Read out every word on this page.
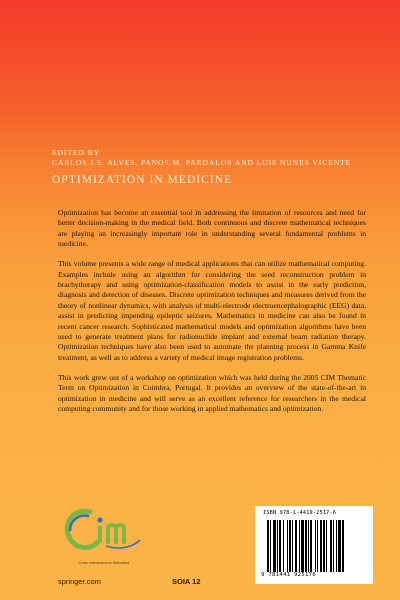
EDITED BY

CARLOS J.S. ALVES, PANOS M. PARDALOS AND LUIS NUNES VICENTE

OPTIMIZATION IN MEDICINE

Optimization has become an essential tool in addressing the limitation of resources and need for better decision-making in the medical field. Both continuous and discrete mathematical techniques are playing an increasingly important role in understanding several fundamental problems in medicine.

This volume presents a wide range of medical applications that can utilize mathematical computing. Examples include using an algorithm for considering the seed reconstruction problem in brachytherapy and using optimization-classification models to assist in the early prediction, diagnosis and detection of diseases. Discrete optimization techniques and measures derived from the theory of nonlinear dynamics, with analysis of multi-electrode electroencephalographic (EEG) data, assist in predicting impending epileptic seizures. Mathematics in medicine can also be found in recent cancer research. Sophisticated mathematical models and optimization algorithms have been used to generate treatment plans for radionuclide implant and external beam radiation therapy. Optimization techniques have also been used to automate the planning process in Gamma Knife treatment, as well as to address a variety of medical image registration problems.

This work grew out of a workshop on optimization which was held during the 2005 CIM Thematic Term on Optimization in Coimbra, Portugal. It provides an overview of the state-of-the-art in optimization in medicine and will serve as an excellent reference for researchers in the medical computing community and for those working in applied mathematics and optimization.

Centro Internacional de Matemática
springer.com	SOIA 12
ISBN 978-1-4419-2517-6
9 781441 925176
